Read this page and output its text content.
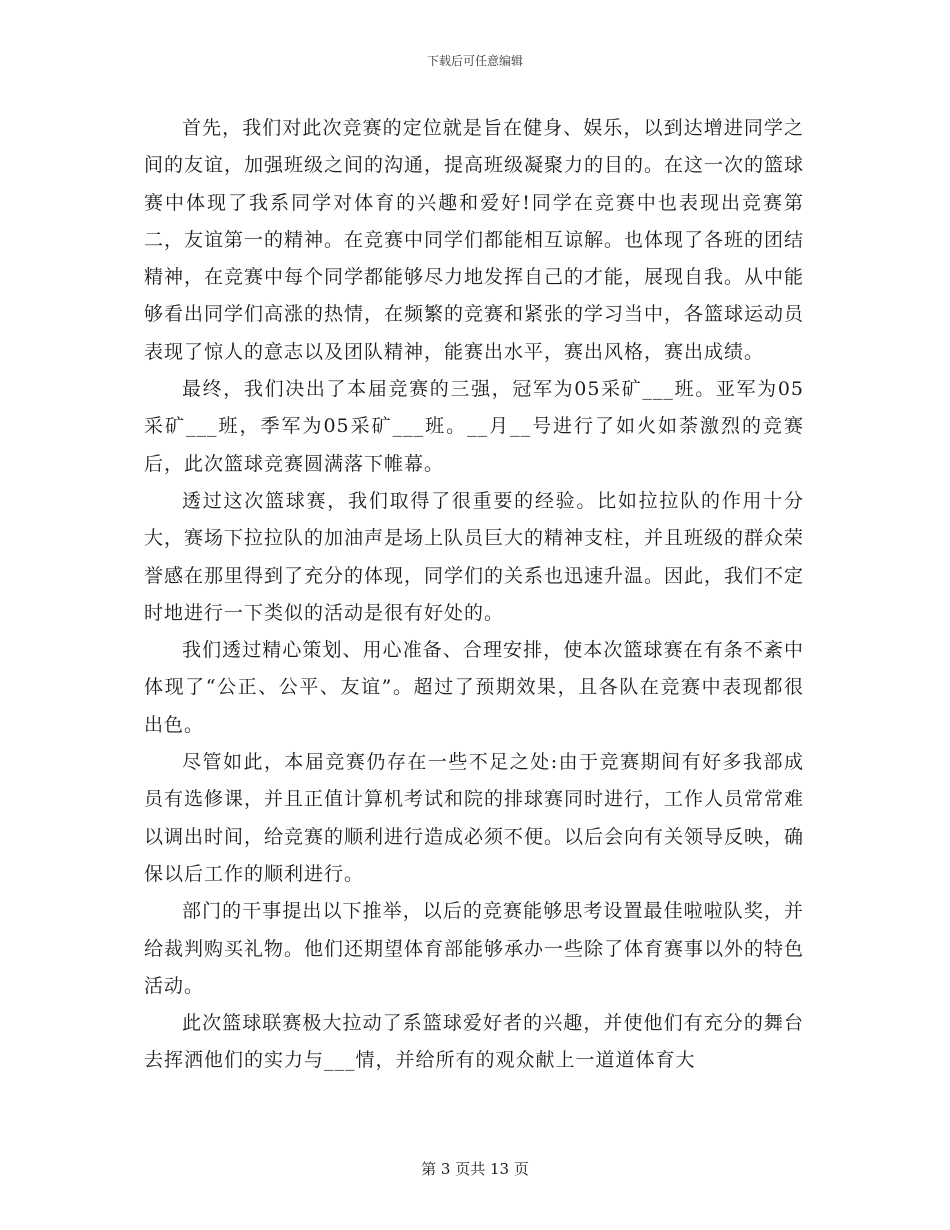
下载后可任意编辑

首先，我们对此次竞赛的定位就是旨在健身、娱乐，以到达增进同学之间的友谊，加强班级之间的沟通，提高班级凝聚力的目的。在这一次的篮球赛中体现了我系同学对体育的兴趣和爱好!同学在竞赛中也表现出竞赛第二，友谊第一的精神。在竞赛中同学们都能相互谅解。也体现了各班的团结精神，在竞赛中每个同学都能够尽力地发挥自己的才能，展现自我。从中能够看出同学们高涨的热情，在频繁的竞赛和紧张的学习当中，各篮球运动员表现了惊人的意志以及团队精神，能赛出水平，赛出风格，赛出成绩。

最终，我们决出了本届竞赛的三强，冠军为05采矿___班。亚军为05采矿___班，季军为05采矿___班。__月__号进行了如火如荼激烈的竞赛后，此次篮球竞赛圆满落下帷幕。

透过这次篮球赛，我们取得了很重要的经验。比如拉拉队的作用十分大，赛场下拉拉队的加油声是场上队员巨大的精神支柱，并且班级的群众荣誉感在那里得到了充分的体现，同学们的关系也迅速升温。因此，我们不定时地进行一下类似的活动是很有好处的。

我们透过精心策划、用心准备、合理安排，使本次篮球赛在有条不紊中体现了“公正、公平、友谊”。超过了预期效果，且各队在竞赛中表现都很出色。

尽管如此，本届竞赛仍存在一些不足之处:由于竞赛期间有好多我部成员有选修课，并且正值计算机考试和院的排球赛同时进行，工作人员常常难以调出时间，给竞赛的顺利进行造成必须不便。以后会向有关领导反映，确保以后工作的顺利进行。

部门的干事提出以下推举，以后的竞赛能够思考设置最佳啦啦队奖，并给裁判购买礼物。他们还期望体育部能够承办一些除了体育赛事以外的特色活动。

此次篮球联赛极大拉动了系篮球爱好者的兴趣，并使他们有充分的舞台去挥洒他们的实力与___情，并给所有的观众献上一道道体育大

第 3 页共 13 页
